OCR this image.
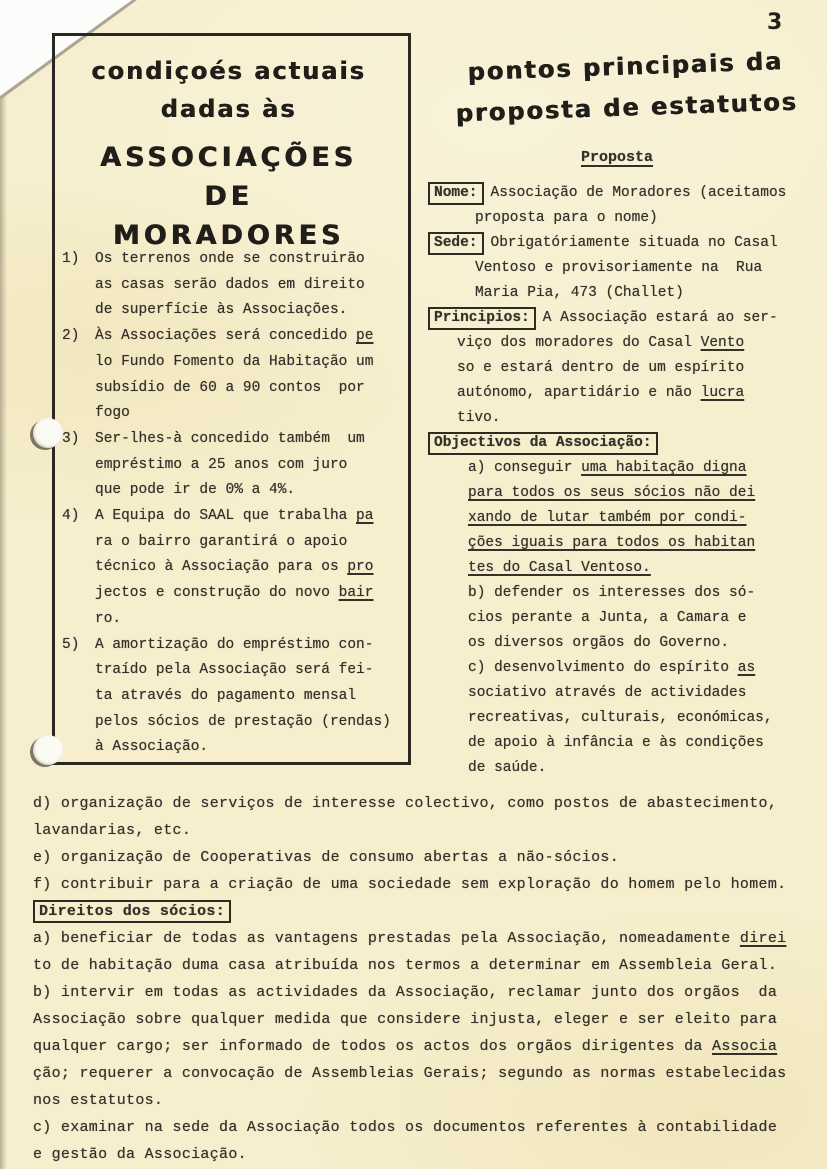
3
condiçoés actuais
dadas às
ASSOCIAÇÕES
DE
MORADORES
1) Os terrenos onde se construirão
as casas serão dados em direito
de superfície às Associações.
2) Às Associações será concedido pe
lo Fundo Fomento da Habitação um
subsídio de 60 a 90 contos  por
fogo
3) Ser-lhes-à concedido também  um
empréstimo a 25 anos com juro
que pode ir de 0% a 4%.
4) A Equipa do SAAL que trabalha pa
ra o bairro garantirá o apoio
técnico à Associação para os pro
jectos e construção do novo bair
ro.
5) A amortização do empréstimo con-
traído pela Associação será fei-
ta através do pagamento mensal
pelos sócios de prestação (rendas)
à Associação.
pontos principais da
proposta de estatutos
Proposta
Nome: Associação de Moradores (aceitamos
proposta para o nome)
Sede: Obrigatóriamente situada no Casal
Ventoso e provisoriamente na  Rua
Maria Pia, 473 (Challet)
Principios: A Associação estará ao ser-
viço dos moradores do Casal Vento
so e estará dentro de um espírito
autónomo, apartidário e não lucra
tivo.
Objectivos da Associação:
a) conseguir uma habitação digna
para todos os seus sócios não dei
xando de lutar também por condi-
ções iguais para todos os habitan
tes do Casal Ventoso.
b) defender os interesses dos só-
cios perante a Junta, a Camara e
os diversos orgãos do Governo.
c) desenvolvimento do espírito as
sociativo através de actividades
recreativas, culturais, económicas,
de apoio à infância e às condições
de saúde.
d) organização de serviços de interesse colectivo, como postos de abastecimento,
lavandarias, etc.
e) organização de Cooperativas de consumo abertas a não-sócios.
f) contribuir para a criação de uma sociedade sem exploração do homem pelo homem.
Direitos dos sócios:
a) beneficiar de todas as vantagens prestadas pela Associação, nomeadamente direi
to de habitação duma casa atribuída nos termos a determinar em Assembleia Geral.
b) intervir em todas as actividades da Associação, reclamar junto dos orgãos  da
Associação sobre qualquer medida que considere injusta, eleger e ser eleito para
qualquer cargo; ser informado de todos os actos dos orgãos dirigentes da Associa
ção; requerer a convocação de Assembleias Gerais; segundo as normas estabelecidas
nos estatutos.
c) examinar na sede da Associação todos os documentos referentes à contabilidade
e gestão da Associação.
